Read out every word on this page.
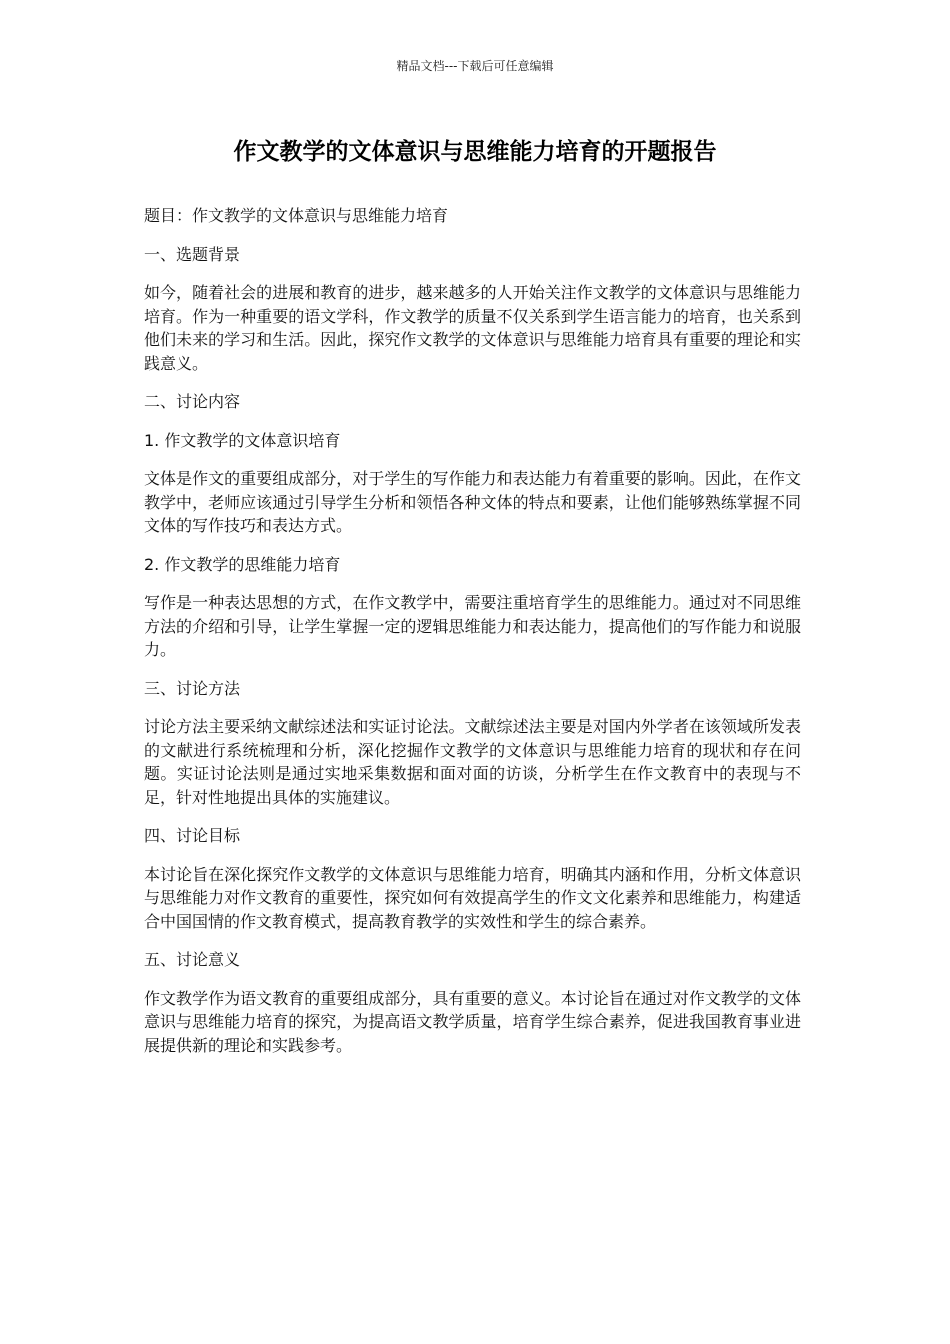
精品文档---下载后可任意编辑
作文教学的文体意识与思维能力培育的开题报告
题目：作文教学的文体意识与思维能力培育
一、选题背景
如今，随着社会的进展和教育的进步，越来越多的人开始关注作文教学的文体意识与思维能力培育。作为一种重要的语文学科，作文教学的质量不仅关系到学生语言能力的培育，也关系到他们未来的学习和生活。因此，探究作文教学的文体意识与思维能力培育具有重要的理论和实践意义。
二、讨论内容
1. 作文教学的文体意识培育
文体是作文的重要组成部分，对于学生的写作能力和表达能力有着重要的影响。因此，在作文教学中，老师应该通过引导学生分析和领悟各种文体的特点和要素，让他们能够熟练掌握不同文体的写作技巧和表达方式。
2. 作文教学的思维能力培育
写作是一种表达思想的方式，在作文教学中，需要注重培育学生的思维能力。通过对不同思维方法的介绍和引导，让学生掌握一定的逻辑思维能力和表达能力，提高他们的写作能力和说服力。
三、讨论方法
讨论方法主要采纳文献综述法和实证讨论法。文献综述法主要是对国内外学者在该领域所发表的文献进行系统梳理和分析，深化挖掘作文教学的文体意识与思维能力培育的现状和存在问题。实证讨论法则是通过实地采集数据和面对面的访谈，分析学生在作文教育中的表现与不足，针对性地提出具体的实施建议。
四、讨论目标
本讨论旨在深化探究作文教学的文体意识与思维能力培育，明确其内涵和作用，分析文体意识与思维能力对作文教育的重要性，探究如何有效提高学生的作文文化素养和思维能力，构建适合中国国情的作文教育模式，提高教育教学的实效性和学生的综合素养。
五、讨论意义
作文教学作为语文教育的重要组成部分，具有重要的意义。本讨论旨在通过对作文教学的文体意识与思维能力培育的探究，为提高语文教学质量，培育学生综合素养，促进我国教育事业进展提供新的理论和实践参考。
